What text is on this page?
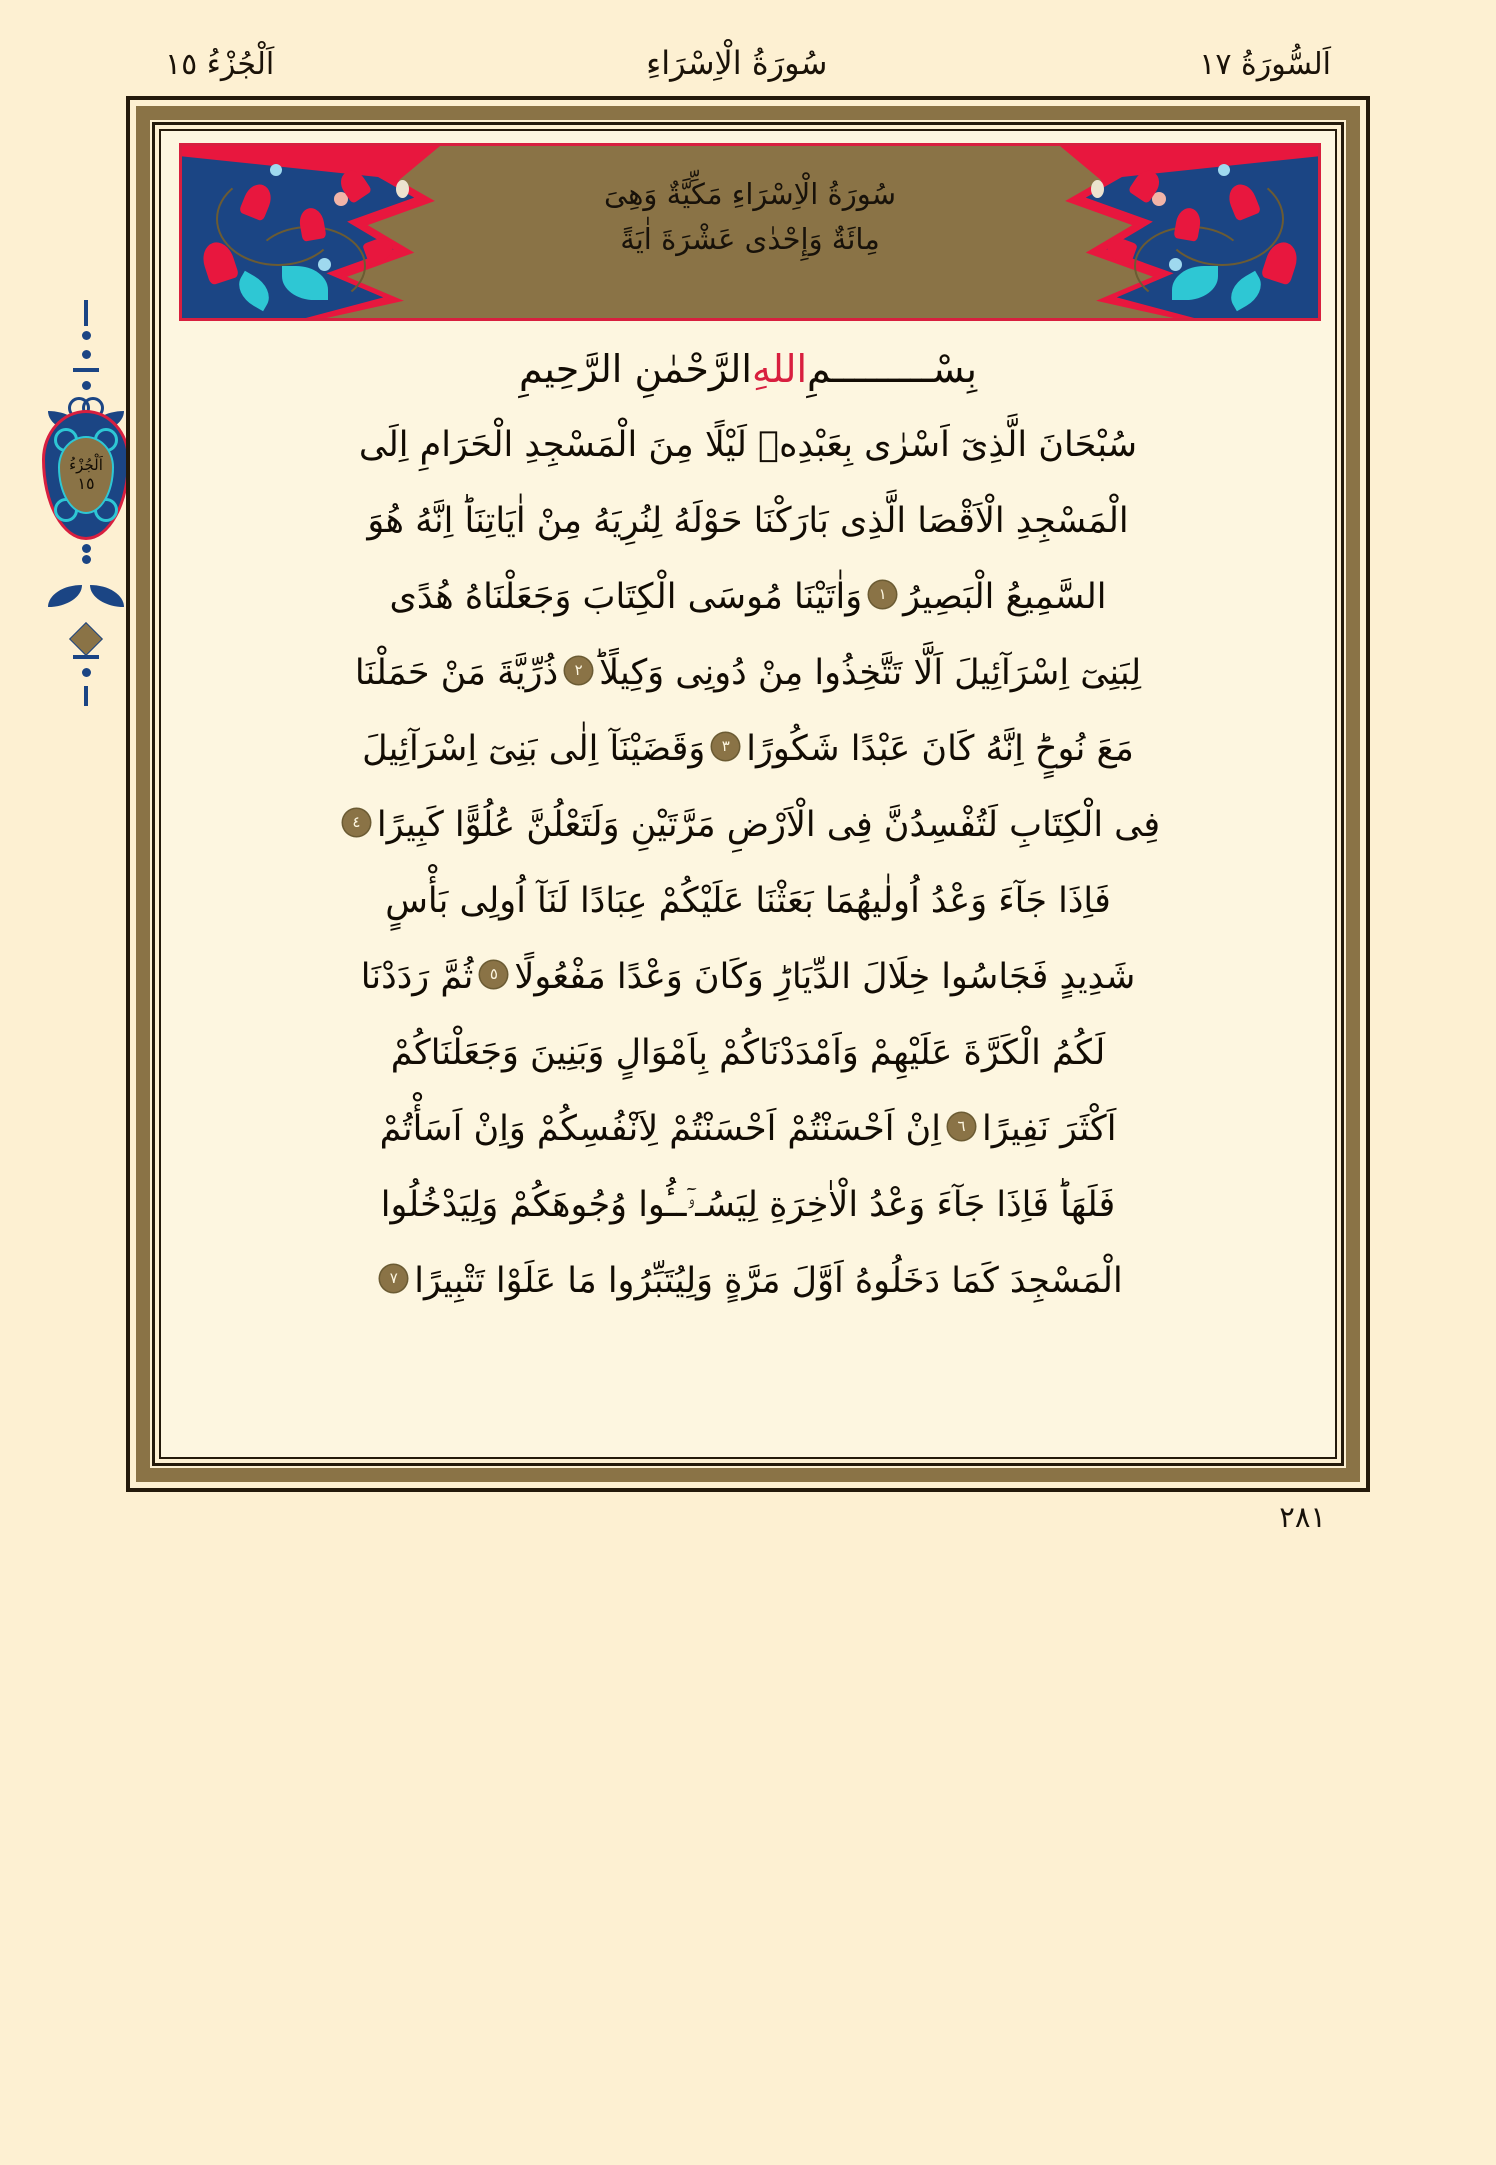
اَلسُّورَةُ ١٧
سُورَةُ الْاِسْرَاءِ
اَلْجُزْءُ ١٥
اَلْجُزْءُ
١٥
سُورَةُ الْاِسْرَاءِ مَكِّيَّةٌ وَهِىَ
مِائَةٌ وَإِحْدٰى عَشْرَةَ اٰيَةً
بِسْـــــــــمِ
اللهِ
الرَّحْمٰنِ الرَّحِيمِ
سُبْحَانَ الَّذِىٓ اَسْرٰى بِعَبْدِهٖ لَيْلًا مِنَ الْمَسْجِدِ الْحَرَامِ اِلَى
الْمَسْجِدِ الْاَقْصَا الَّذِى بَارَكْنَا حَوْلَهُ لِنُرِيَهُ مِنْ اٰيَاتِنَاؕ اِنَّهُ هُوَ
السَّمِيعُ الْبَصِيرُ
١
وَاٰتَيْنَا مُوسَى الْكِتَابَ وَجَعَلْنَاهُ هُدًى
لِبَنِىٓ اِسْرَآئِيلَ اَلَّا تَتَّخِذُوا مِنْ دُونِى وَكِيلًاؕ
٢
ذُرِّيَّةَ مَنْ حَمَلْنَا
مَعَ نُوحٍؕ اِنَّهُ كَانَ عَبْدًا شَكُورًا
٣
وَقَضَيْنَآ اِلٰى بَنِىٓ اِسْرَآئِيلَ
فِى الْكِتَابِ لَتُفْسِدُنَّ فِى الْاَرْضِ مَرَّتَيْنِ وَلَتَعْلُنَّ عُلُوًّا كَبِيرًا
٤
فَاِذَا جَآءَ وَعْدُ اُولٰيهُمَا بَعَثْنَا عَلَيْكُمْ عِبَادًا لَنَآ اُولِى بَأْسٍ
شَدِيدٍ فَجَاسُوا خِلَالَ الدِّيَارِؕ وَكَانَ وَعْدًا مَفْعُولًا
٥
ثُمَّ رَدَدْنَا
لَكُمُ الْكَرَّةَ عَلَيْهِمْ وَاَمْدَدْنَاكُمْ بِاَمْوَالٍ وَبَنِينَ وَجَعَلْنَاكُمْ
اَكْثَرَ نَفِيرًا
٦
اِنْ اَحْسَنْتُمْ اَحْسَنْتُمْ لِاَنْفُسِكُمْ وَاِنْ اَسَأْتُمْ
فَلَهَاؕ فَاِذَا جَآءَ وَعْدُ الْاٰخِرَةِ لِيَسُـۥٓــُٔوا وُجُوهَكُمْ وَلِيَدْخُلُوا
الْمَسْجِدَ كَمَا دَخَلُوهُ اَوَّلَ مَرَّةٍ وَلِيُتَبِّرُوا مَا عَلَوْا تَتْبِيرًا
٧
٢٨١
